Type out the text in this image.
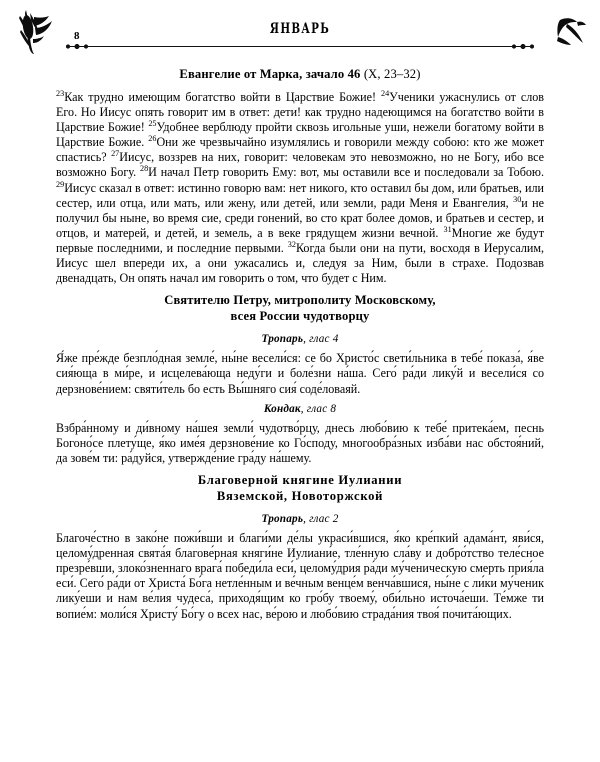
8	ЯНВАРЬ
Евангелие от Марка, зачало 46 (Х, 23–32)

$^{23}$Как трудно имеющим богатство войти в Царствие Божие! $^{24}$Ученики ужаснулись от слов Его. Но Иисус опять говорит им в ответ: дети! как трудно надеющимся на богатство войти в Царствие Божие! $^{25}$Удобнее верблюду пройти сквозь игольные уши, нежели богатому войти в Царствие Божие. $^{26}$Они же чрезвычайно изумлялись и говорили между собою: кто же может спастись? $^{27}$Иисус, воззрев на них, говорит: человекам это невозможно, но не Богу, ибо все возможно Богу. $^{28}$И начал Петр говорить Ему: вот, мы оставили все и последовали за Тобою. $^{29}$Иисус сказал в ответ: истинно говорю вам: нет никого, кто оставил бы дом, или братьев, или сестер, или отца, или мать, или жену, или детей, или земли, ради Меня и Евангелия, $^{30}$и не получил бы ныне, во время сие, среди гонений, во сто крат более домов, и братьев и сестер, и отцов, и матерей, и детей, и земель, а в веке грядущем жизни вечной. $^{31}$Многие же будут первые последними, и последние первыми. $^{32}$Когда были они на пути, восходя в Иерусалим, Иисус шел впереди их, а они ужасались и, следуя за Ним, были в страхе. Подозвав двенадцать, Он опять начал им говорить о том, что будет с Ним.

Святителю Петру, митрополиту Московскому,
всея России чудотворцу
Тропарь, глас 4

Я́же пре́жде безпло́дная земле́, ны́не весели́ся: се бо Христо́с свети́льника в тебе́ показа́, я́ве сия́юща в ми́ре, и исцелева́юща неду́ги и боле́зни на́ша. Сего́ ра́ди лику́й и весели́ся со дерзнове́нием: святи́тель бо есть Вы́шняго сия́ соде́ловаяй.

Кондак, глас 8

Взбра́нному и ди́вному на́шея земли́ чудотво́рцу, днесь любо́вию к тебе́ притека́ем, песнь Богоно́се плету́ще, я́ко име́я дерзнове́ние ко Го́споду, многообра́зных изба́ви нас обстоя́ний, да зове́м ти: ра́дуйся, утвержде́ние гра́ду на́шему.

Благоверной княгине Иулиании
Вяземской, Новоторжской
Тропарь, глас 2

Благоче́стно в зако́не пожи́вши и благи́ми де́лы украси́вшися, я́ко кре́пкий адама́нт, яви́ся, целому́дренная свята́я благове́рная княги́не Иулиани́е, тле́нную сла́ву и добро́тство теле́сное презре́вши, злоко́зненнаго врага́ победи́ла еси́, целому́дрия ра́ди му́ченическую смерть прия́ла еси́. Сего́ ра́ди от Христа́ Бо́га нетле́нным и ве́чным венце́м венча́вшися, ны́не с ли́ки му́ченик лику́еши и нам ве́лия чудеса́, приходя́щим ко гро́бу твоему́, оби́льно источа́еши. Те́мже ти вопие́м: моли́ся Христу́ Бо́гу о всех нас, ве́рою и любо́вию страда́ния твоя́ почита́ющих.
